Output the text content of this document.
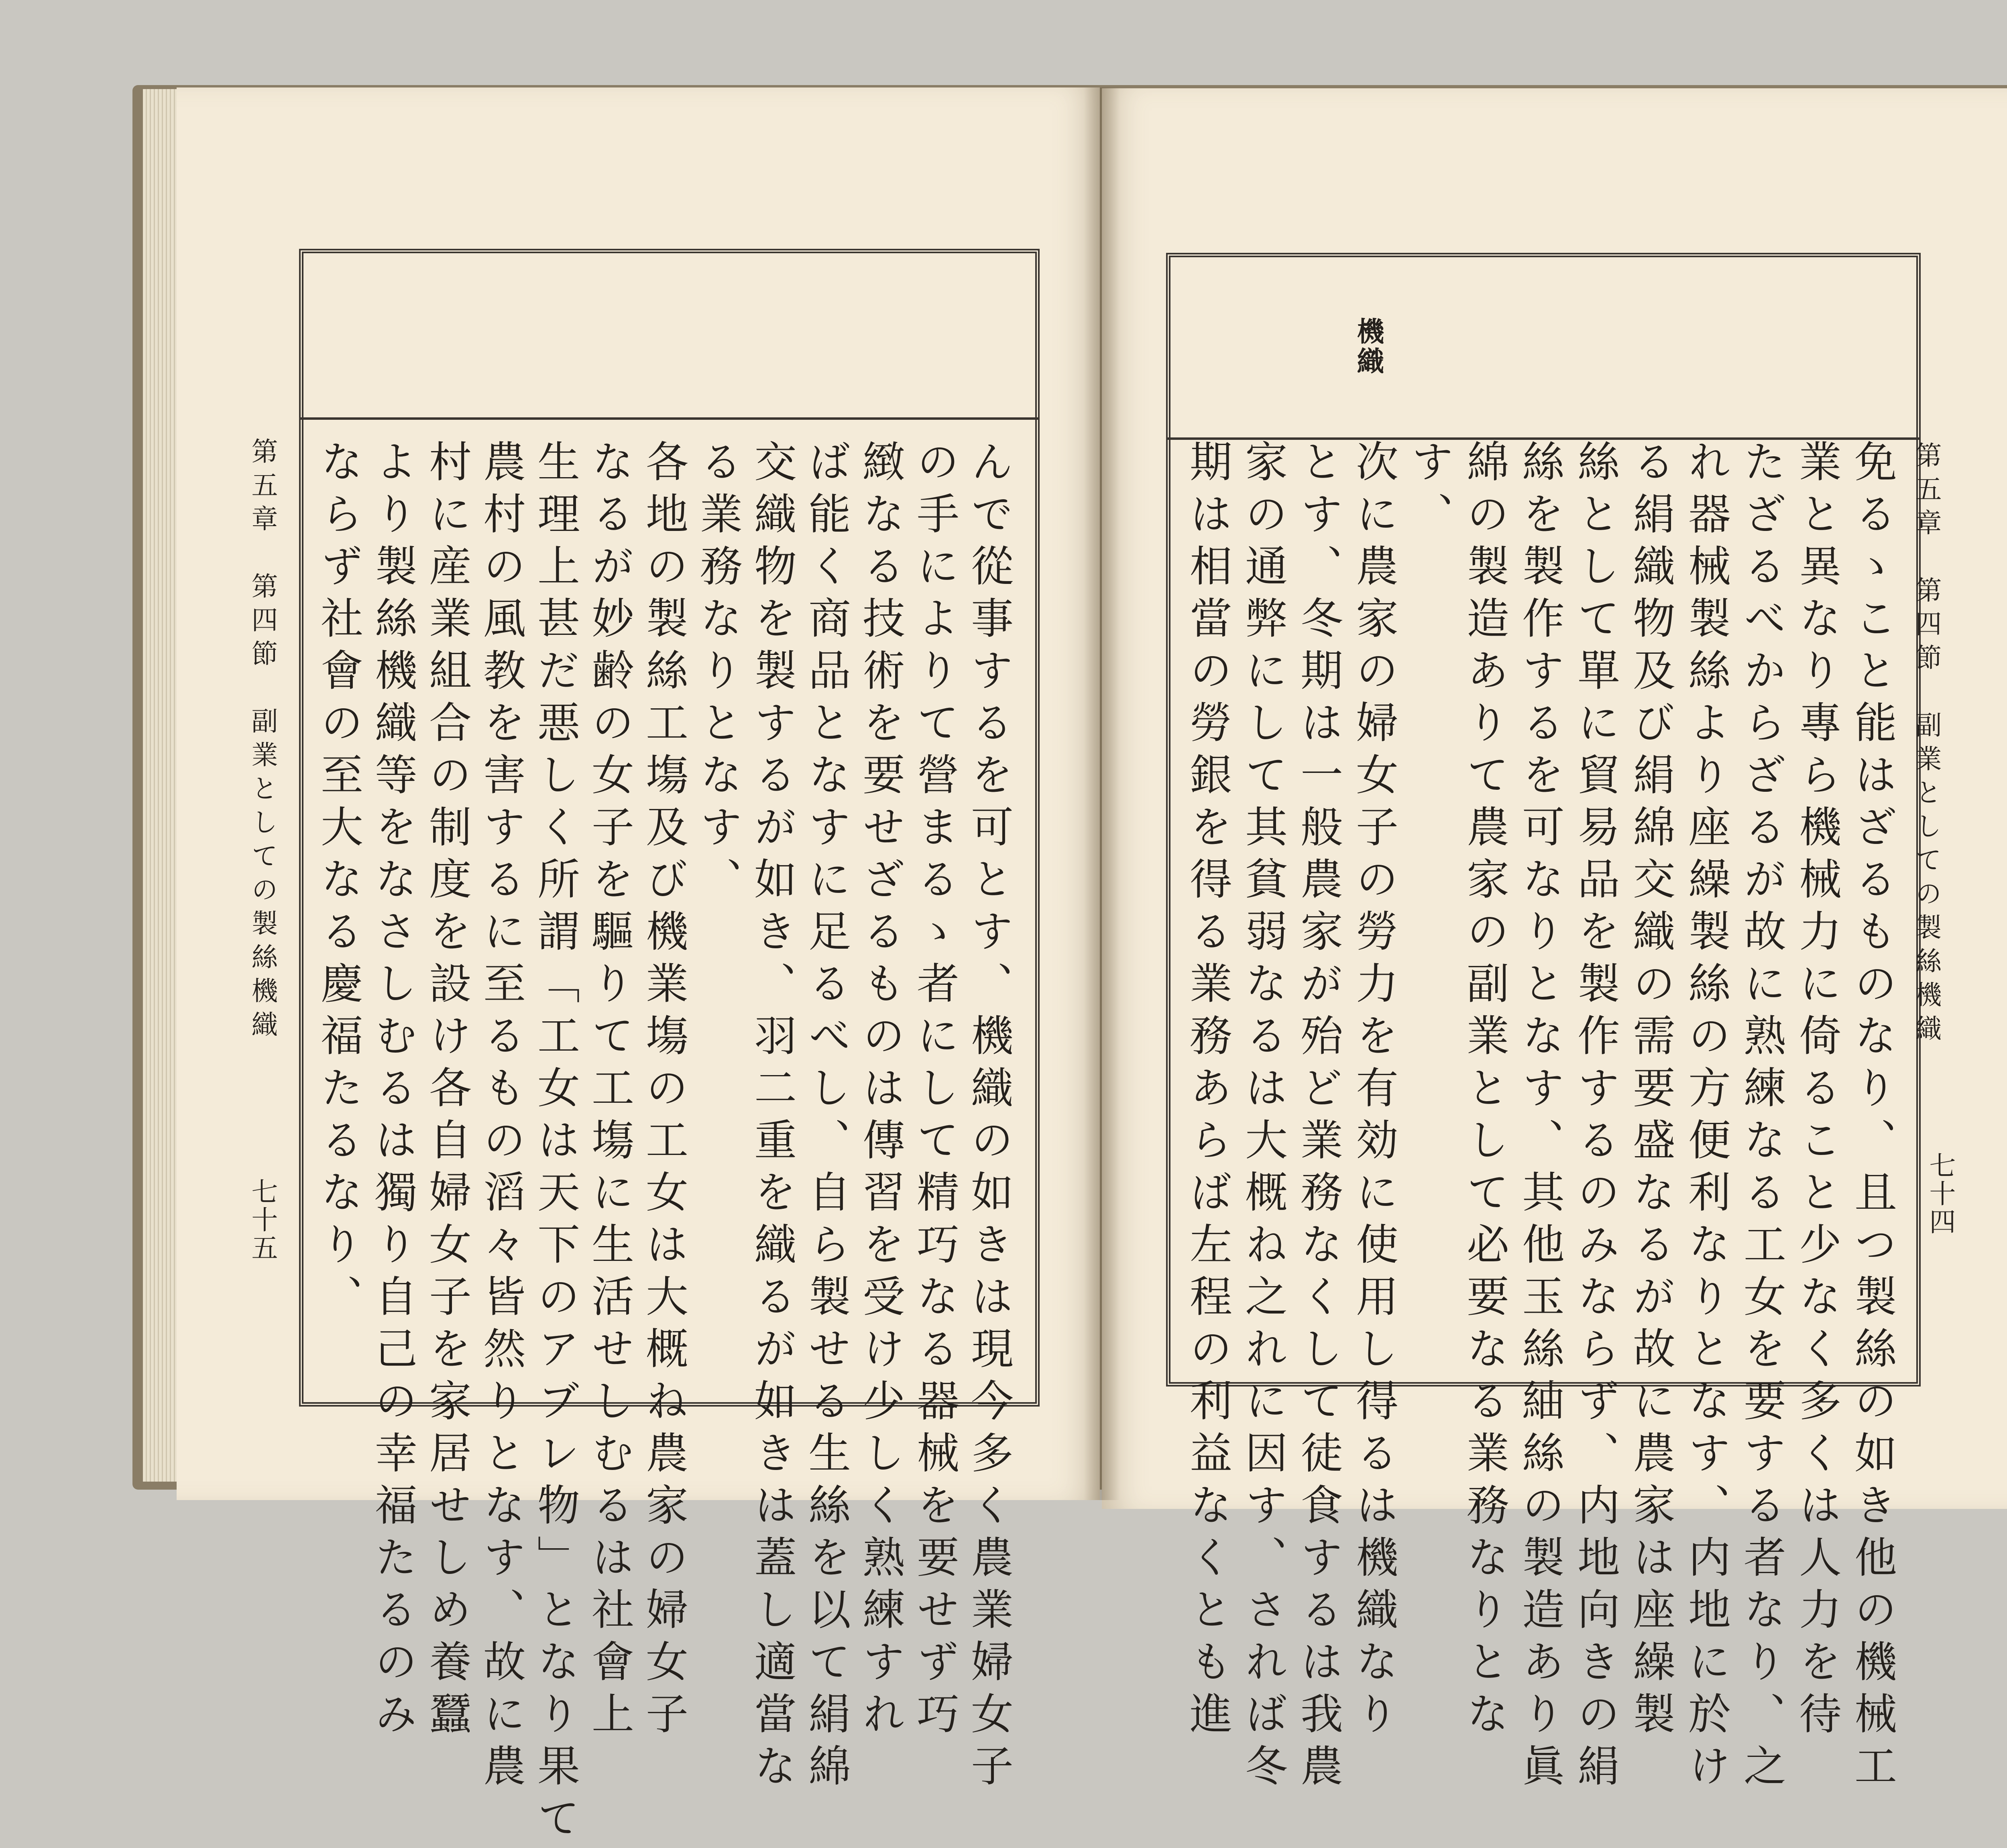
第五章　第四節　副業としての製絲機織
七十五 ならず社會の至大なる慶福たるなり、 より製絲機織等をなさしむるは獨り自己の幸福たるのみ 村に産業組合の制度を設け各自婦女子を家居せしめ養蠶 農村の風教を害するに至るもの滔々皆然りとなす、故に農 生理上甚だ悪しく所謂「工女は天下のアブレ物」となり果て なるが妙齢の女子を驅りて工塲に生活せしむるは社會上 各地の製絲工塲及び機業塲の工女は大概ね農家の婦女子 る業務なりとなす、 交織物を製するが如き、羽二重を織るが如きは蓋し適當な ば能く商品となすに足るべし、自ら製せる生絲を以て絹綿 緻なる技術を要せざるものは傳習を受け少しく熟練すれ の手によりて營まるゝ者にして精巧なる器械を要せず巧 んで從事するを可とす、機織の如きは現今多く農業婦女子
機織
期は相當の勞銀を得る業務あらば左程の利益なくとも進 家の通弊にして其貧弱なるは大概ね之れに因す、されば冬 とす、冬期は一般農家が殆ど業務なくして徒食するは我農 次に農家の婦女子の勞力を有効に使用し得るは機織なり す、 綿の製造ありて農家の副業として必要なる業務なりとな 絲を製作するを可なりとなす、其他玉絲紬絲の製造あり眞 絲として單に貿易品を製作するのみならず、内地向きの絹 る絹織物及び絹綿交織の需要盛なるが故に農家は座繰製 れ器械製絲より座繰製絲の方便利なりとなす、内地に於け たざるべからざるが故に熟練なる工女を要する者なり、之 業と異なり專ら機械力に倚ること少なく多くは人力を待 免るゝこと能はざるものなり、且つ製絲の如き他の機械工 第五章　第四節　副業としての製絲機織
七十四
